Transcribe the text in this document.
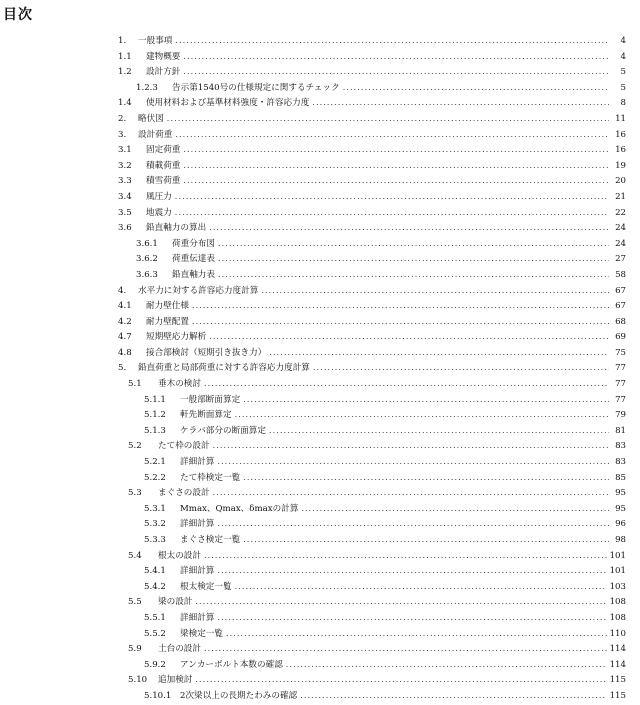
目次
1.	一般事項 .....	4
1.1	建物概要 .....	4
1.2	設計方針 .....	5
1.2.3	告示第1540号の仕様規定に関するチェック .....	5
1.4	使用材料および基準材料強度・許容応力度 .....	8
2.	略伏図 .....	11
3.	設計荷重 .....	16
3.1	固定荷重 .....	16
3.2	積載荷重 .....	19
3.3	積雪荷重 .....	20
3.4	風圧力 .....	21
3.5	地震力 .....	22
3.6	鉛直軸力の算出 .....	24
3.6.1	荷重分布図 .....	24
3.6.2	荷重伝達表 .....	27
3.6.3	鉛直軸力表 .....	58
4.	水平力に対する許容応力度計算 .....	67
4.1	耐力壁仕様 .....	67
4.2	耐力壁配置 .....	68
4.7	短期壁応力解析 .....	69
4.8	接合部検討（短期引き抜き力） .....	75
5.	鉛直荷重と局部荷重に対する許容応力度計算 .....	77
5.1	垂木の検討 .....	77
5.1.1	一般部断面算定 .....	77
5.1.2	軒先断面算定 .....	79
5.1.3	ケラバ部分の断面算定 .....	81
5.2	たて枠の設計 .....	83
5.2.1	詳細計算 .....	83
5.2.2	たて枠検定一覧 .....	85
5.3	まぐさの設計 .....	95
5.3.1	Mmax、Qmax、δmaxの計算 .....	95
5.3.2	詳細計算 .....	96
5.3.3	まぐさ検定一覧 .....	98
5.4	根太の設計 .....	101
5.4.1	詳細計算 .....	101
5.4.2	根太検定一覧 .....	103
5.5	梁の設計 .....	108
5.5.1	詳細計算 .....	108
5.5.2	梁検定一覧 .....	110
5.9	土台の設計 .....	114
5.9.2	アンカーボルト本数の確認 .....	114
5.10	追加検討 .....	115
5.10.1	2次梁以上の長期たわみの確認 .....	115
